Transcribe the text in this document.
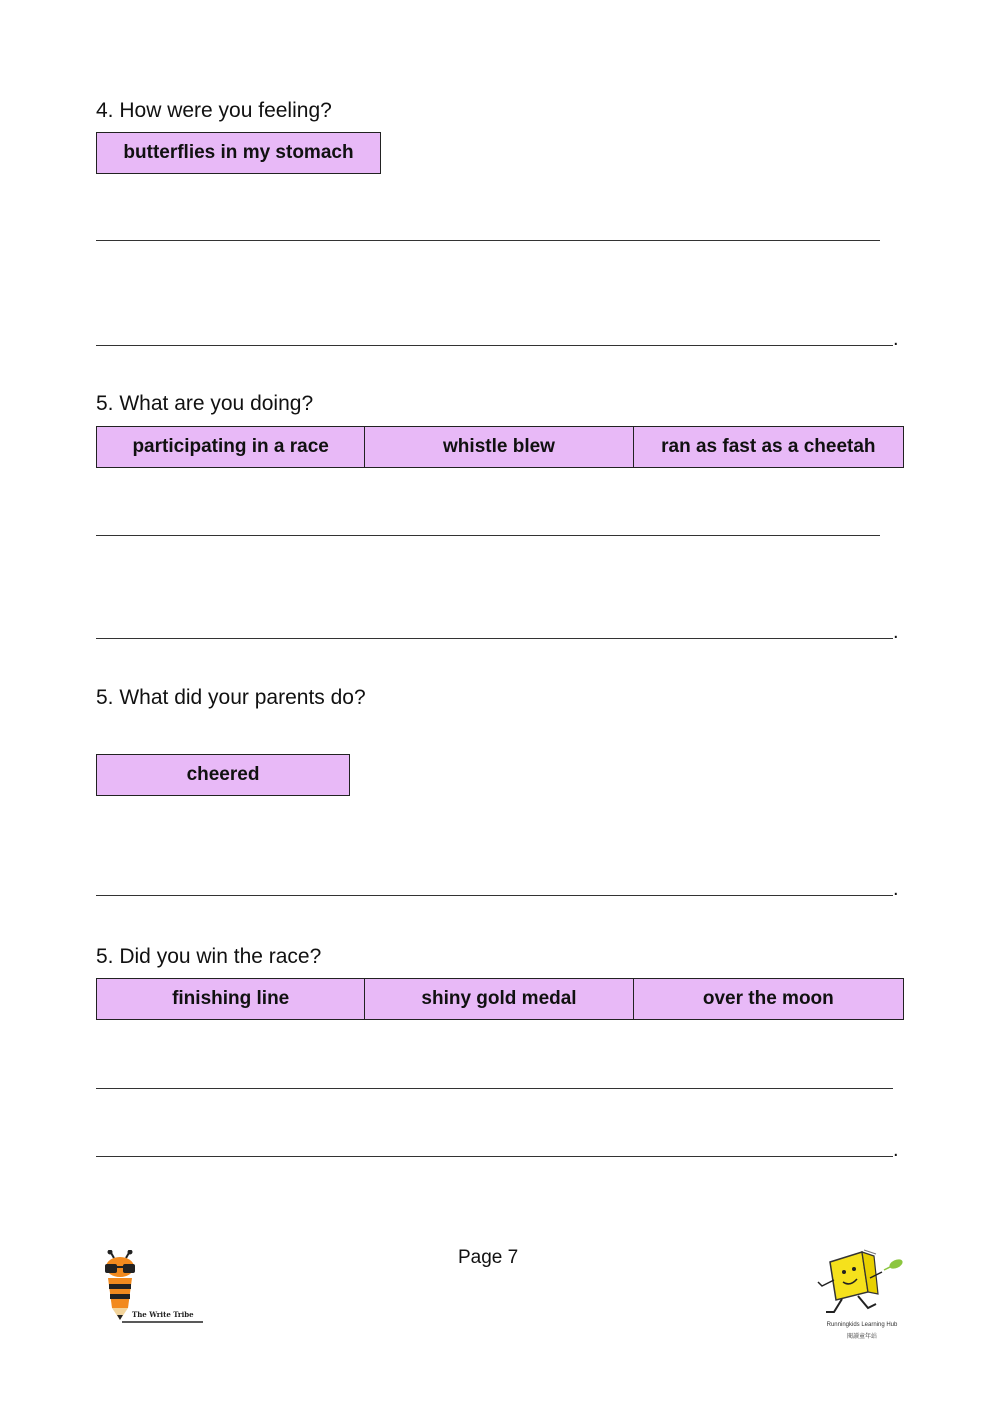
4. How were you feeling?
butterflies in my stomach
.
5. What are you doing?
participating in a race	whistle blew	ran as fast as a cheetah
.
5. What did your parents do?
cheered
.
5. Did you win the race?
finishing line	shiny gold medal	over the moon
.
Page 7
The Write Tribe
Runningkids Learning Hub
閱讀童年站
